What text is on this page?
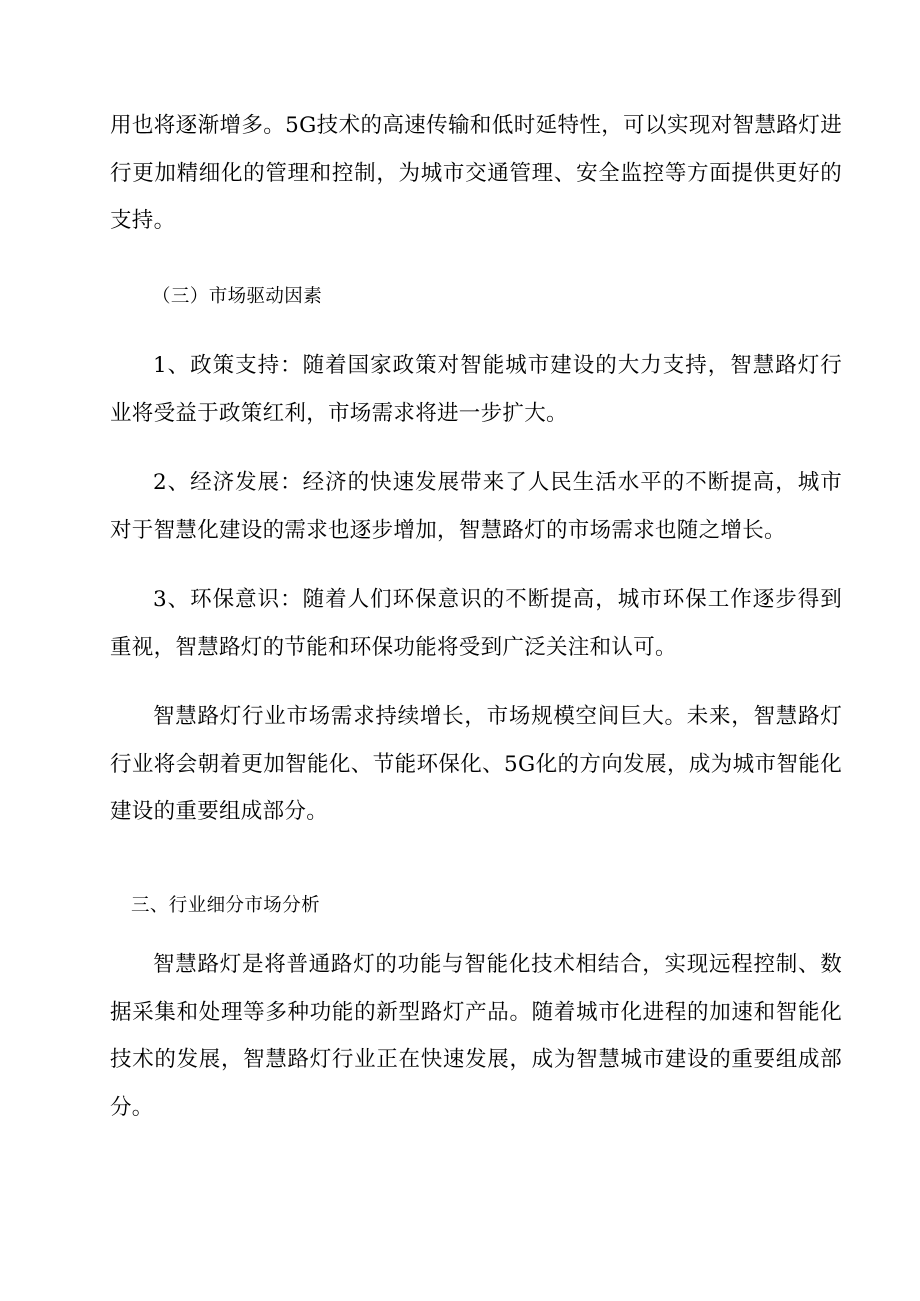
用也将逐渐增多。5G技术的高速传输和低时延特性，可以实现对智慧路灯进行更加精细化的管理和控制，为城市交通管理、安全监控等方面提供更好的支持。

（三）市场驱动因素

1、政策支持：随着国家政策对智能城市建设的大力支持，智慧路灯行业将受益于政策红利，市场需求将进一步扩大。

2、经济发展：经济的快速发展带来了人民生活水平的不断提高，城市对于智慧化建设的需求也逐步增加，智慧路灯的市场需求也随之增长。

3、环保意识：随着人们环保意识的不断提高，城市环保工作逐步得到重视，智慧路灯的节能和环保功能将受到广泛关注和认可。

智慧路灯行业市场需求持续增长，市场规模空间巨大。未来，智慧路灯行业将会朝着更加智能化、节能环保化、5G化的方向发展，成为城市智能化建设的重要组成部分。

三、行业细分市场分析

智慧路灯是将普通路灯的功能与智能化技术相结合，实现远程控制、数据采集和处理等多种功能的新型路灯产品。随着城市化进程的加速和智能化技术的发展，智慧路灯行业正在快速发展，成为智慧城市建设的重要组成部分。
